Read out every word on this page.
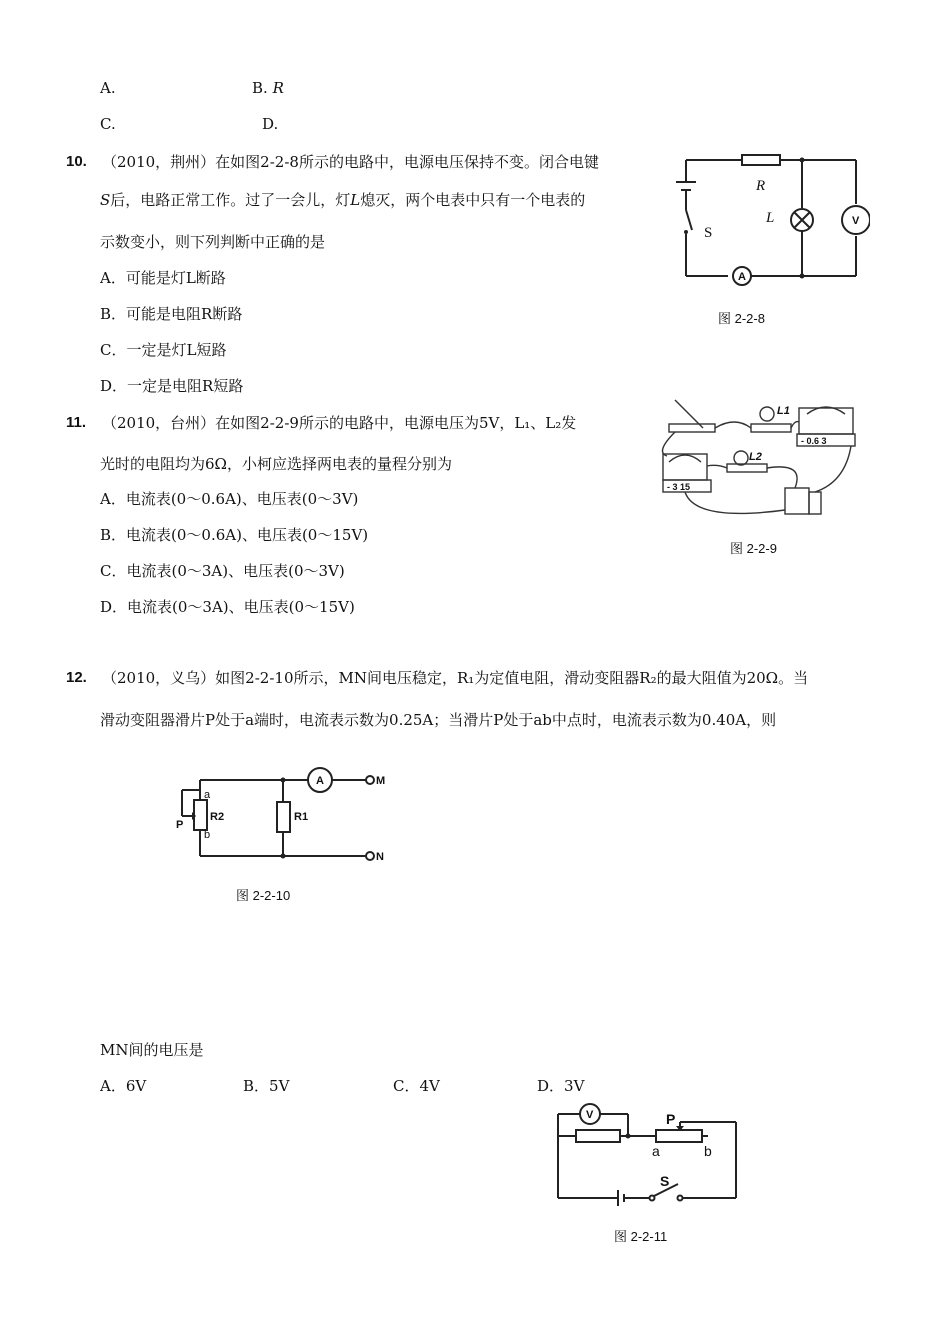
A.	B. R
C.	D.
10. （2010，荆州）在如图2-2-8所示的电路中，电源电压保持不变。闭合电键
S后，电路正常工作。过了一会儿，灯L熄灭，两个电表中只有一个电表的
示数变小，则下列判断中正确的是
A．可能是灯L断路
B．可能是电阻R断路
C．一定是灯L短路
D．一定是电阻R短路
R
L
S
A
V
图 2-2-8
11. （2010，台州）在如图2-2-9所示的电路中，电源电压为5V，L₁、L₂发
光时的电阻均为6Ω，小柯应选择两电表的量程分别为
A．电流表(0～0.6A)、电压表(0～3V)
B．电流表(0～0.6A)、电压表(0～15V)
C．电流表(0～3A)、电压表(0～3V)
D．电流表(0～3A)、电压表(0～15V)
L1
- 0.6 3
- 3 15
L2
图 2-2-9
12. （2010，义乌）如图2-2-10所示，MN间电压稳定，R₁为定值电阻，滑动变阻器R₂的最大阻值为20Ω。当
滑动变阻器滑片P处于a端时，电流表示数为0.25A；当滑片P处于ab中点时，电流表示数为0.40A，则
A	M
N
a
R2
b
P
R1
图 2-2-10
MN间的电压是
A．6V	B．5V	C．4V	D．3V
V	P
a	b
S
图 2-2-11
